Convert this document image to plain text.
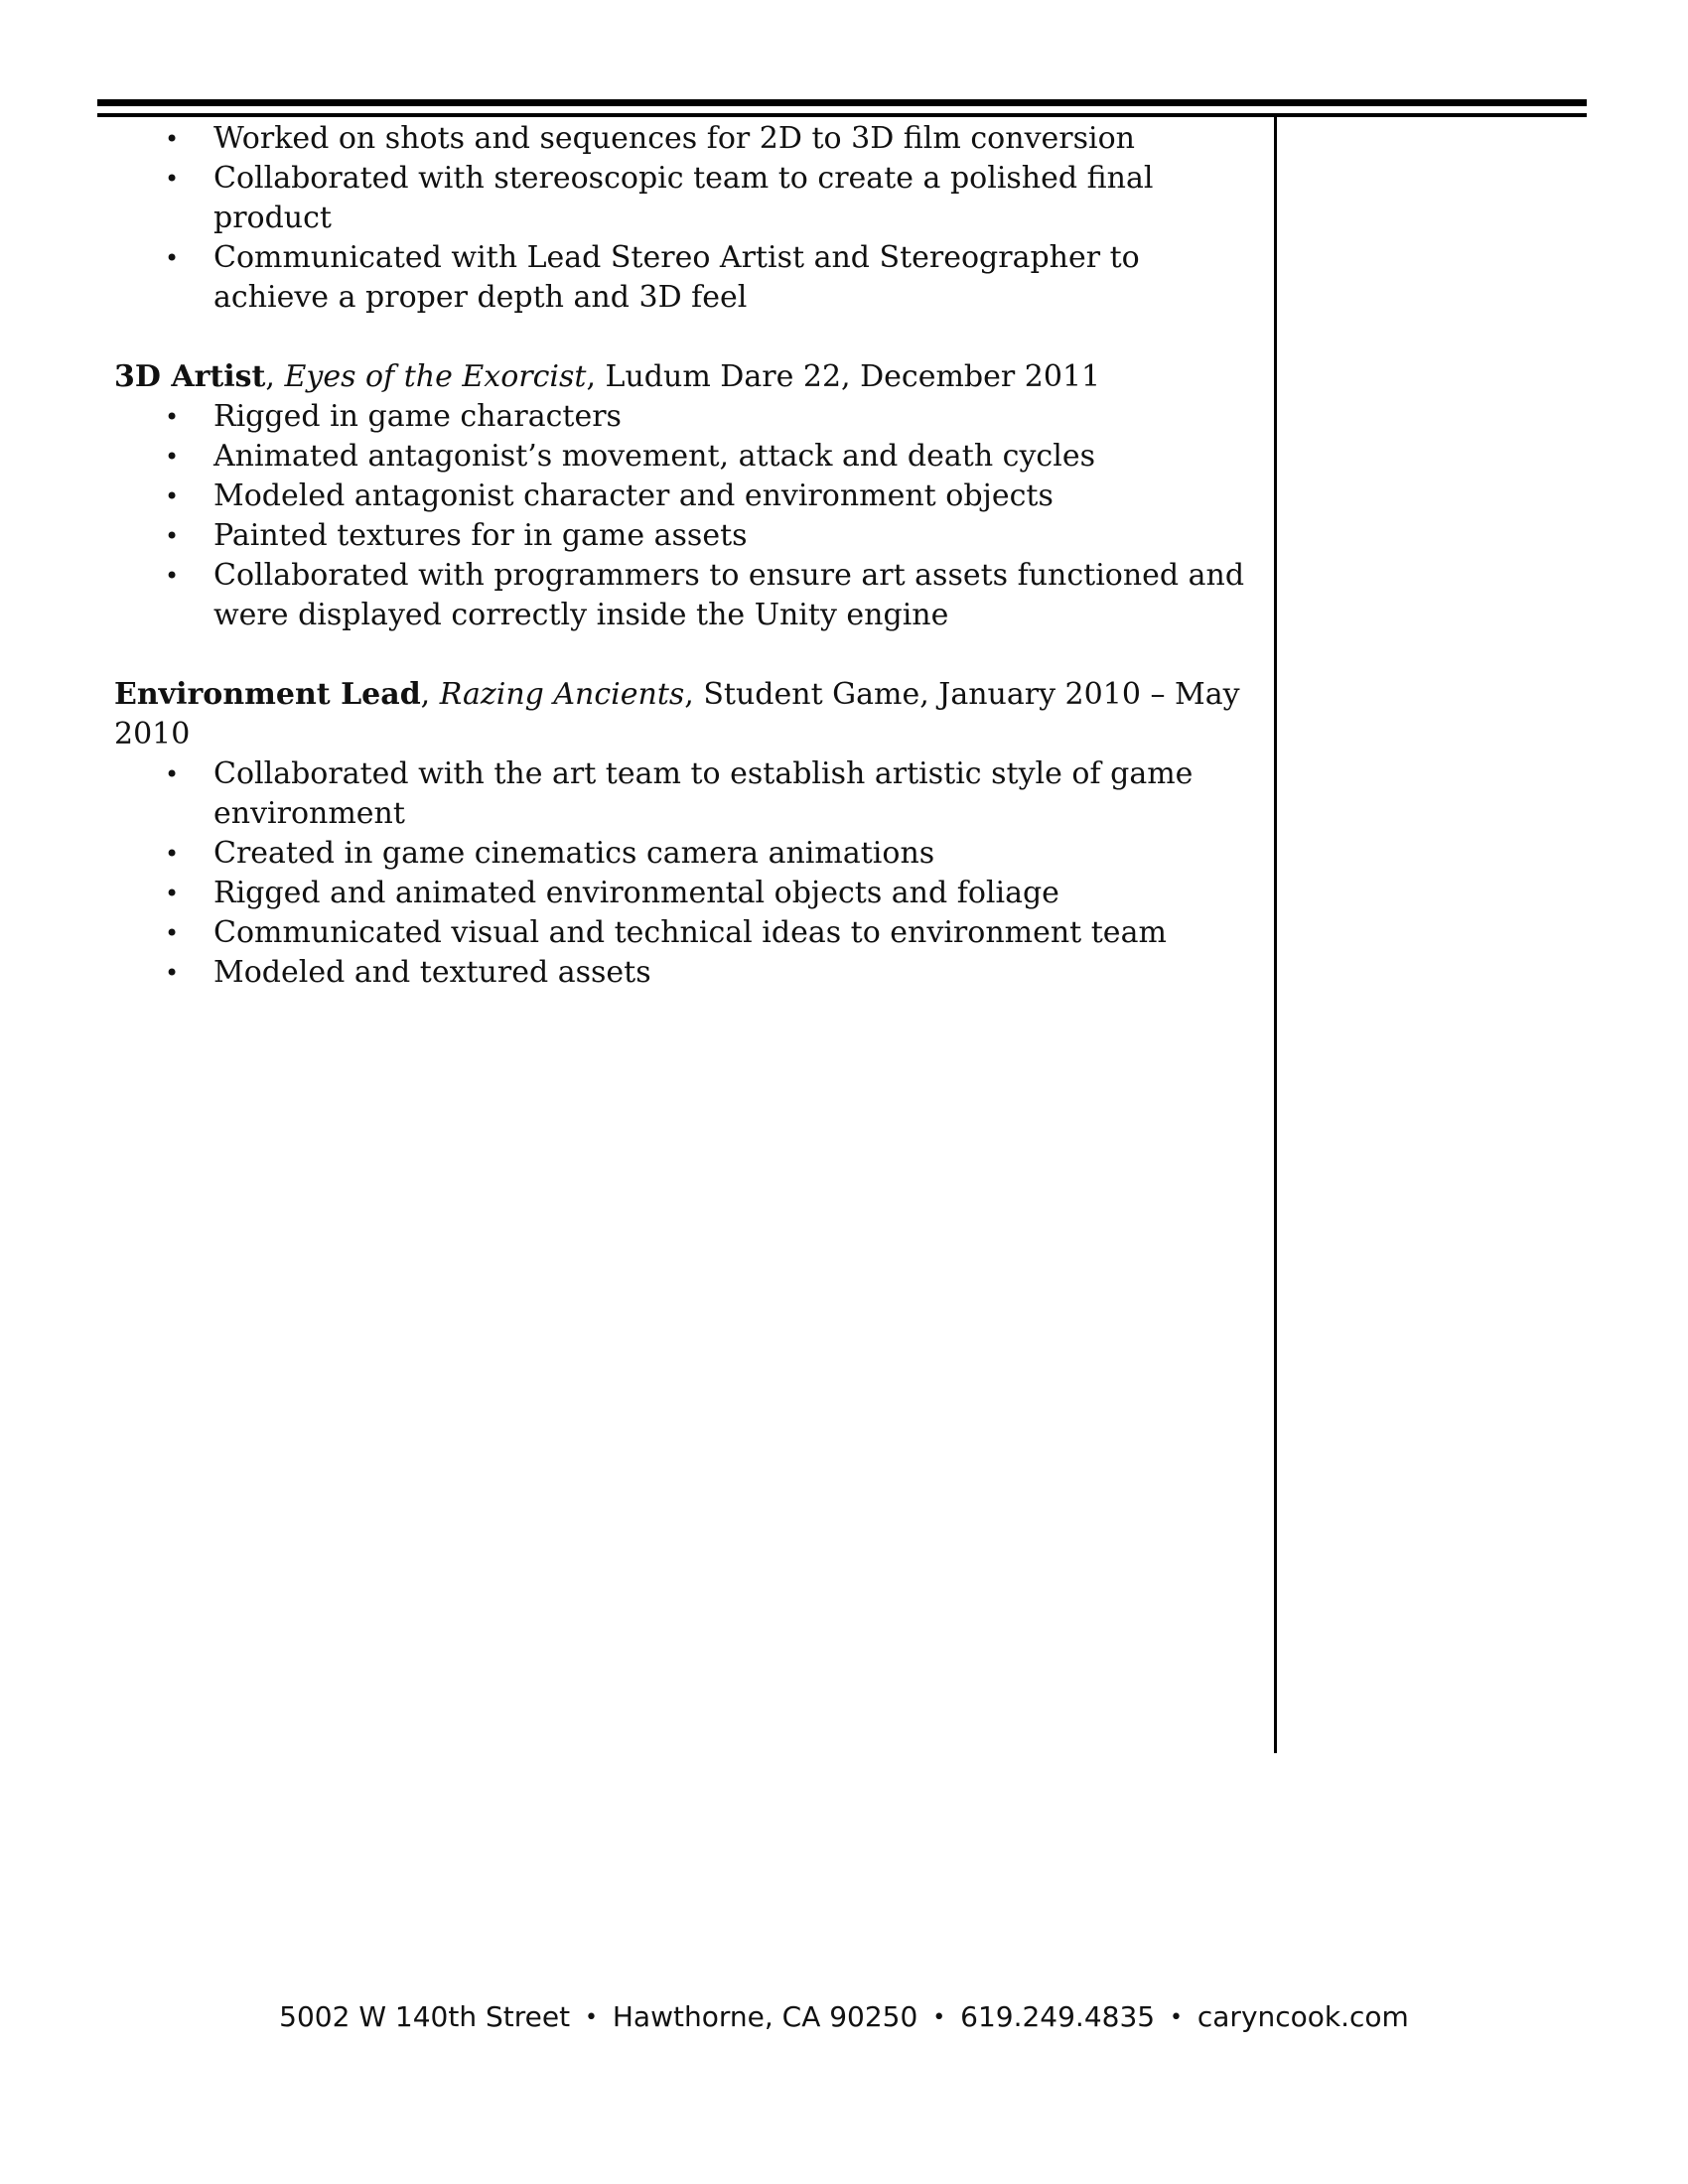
• Worked on shots and sequences for 2D to 3D film conversion
• Collaborated with stereoscopic team to create a polished final product
• Communicated with Lead Stereo Artist and Stereographer to achieve a proper depth and 3D feel
3D Artist, Eyes of the Exorcist, Ludum Dare 22, December 2011
• Rigged in game characters
• Animated antagonist’s movement, attack and death cycles
• Modeled antagonist character and environment objects
• Painted textures for in game assets
• Collaborated with programmers to ensure art assets functioned and were displayed correctly inside the Unity engine
Environment Lead, Razing Ancients, Student Game, January 2010 – May 2010
• Collaborated with the art team to establish artistic style of game environment
• Created in game cinematics camera animations
• Rigged and animated environmental objects and foliage
• Communicated visual and technical ideas to environment team
• Modeled and textured assets
5002 W 140th Street • Hawthorne, CA 90250 • 619.249.4835 • caryncook.com
